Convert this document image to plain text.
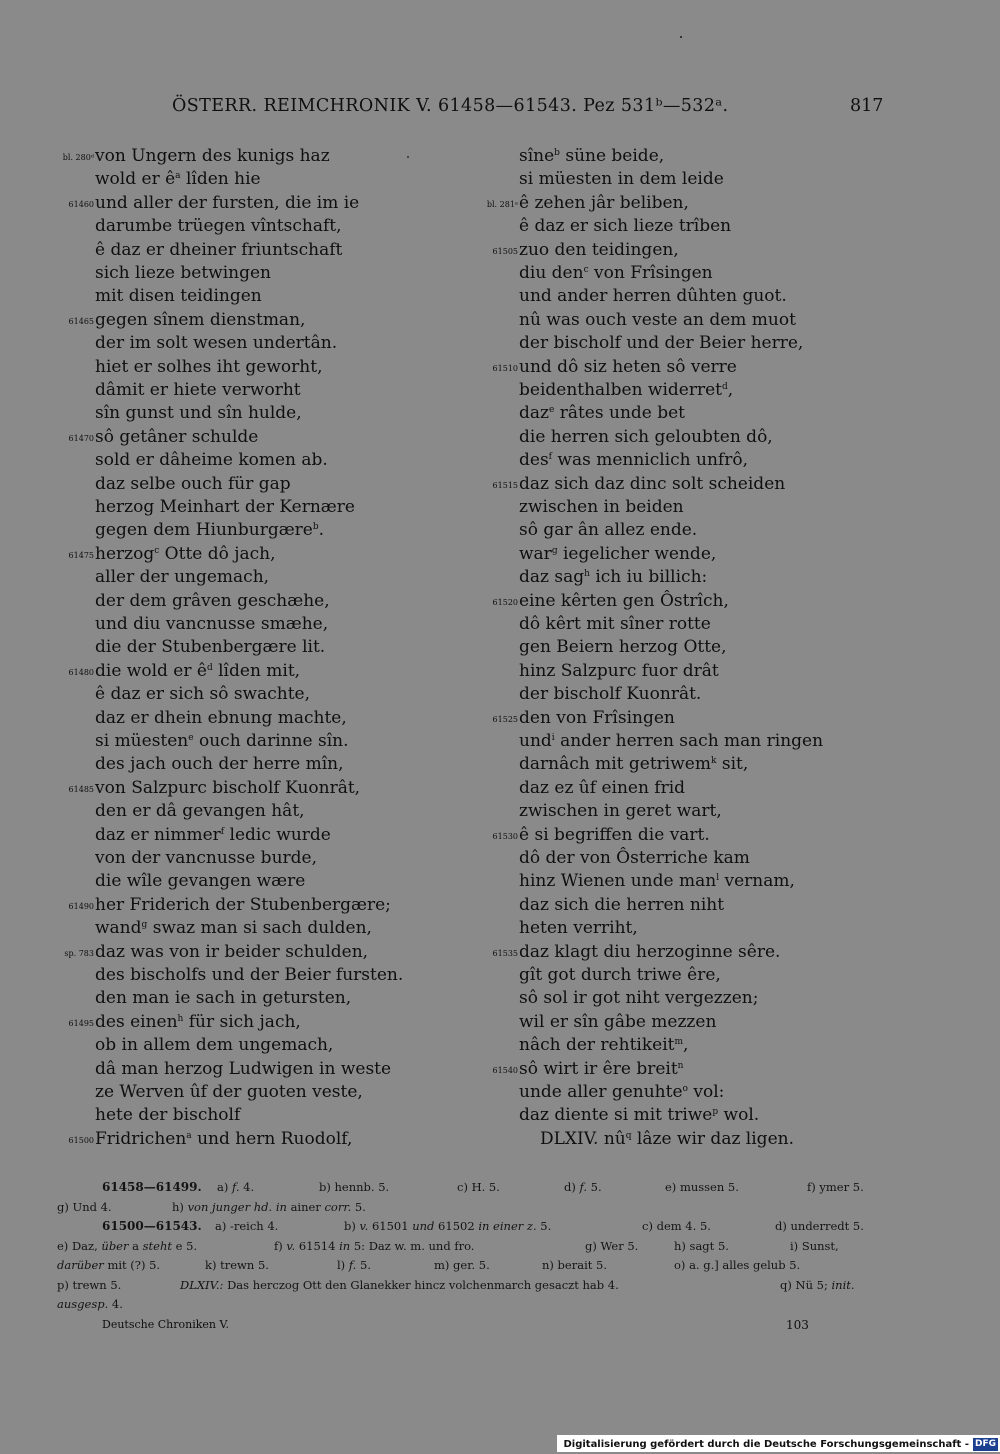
ÖSTERR. REIMCHRONIK V. 61458—61543. Pez 531ᵇ—532ᵃ.	817
bl. 280ᵈ von Ungern des kunigs haz
wold er $ê^a$ lîden hie
61460 und aller der fursten, die im ie
darumbe trüegen vîntschaft,
ê daz er dheiner friuntschaft
sich lieze betwingen
mit disen teidingen
61465 gegen sînem dienstman,
der im solt wesen undertân.
hiet er solhes iht geworht,
dâmit er hiete verworht
sîn gunst und sîn hulde,
61470 sô getâner schulde
sold er dâheime komen ab.
daz selbe ouch für gap
herzog Meinhart der Kernære
gegen dem Hiunburgære$^b$.
61475 herzog$^c$ Otte dô jach,
aller der ungemach,
der dem grâven geschæhe,
und diu vancnusse smæhe,
die der Stubenbergære lit.
61480 die wold er $ê^d$ lîden mit,
ê daz er sich sô swachte,
daz er dhein ebnung machte,
si müesten$^e$ ouch darinne sîn.
des jach ouch der herre mîn,
61485 von Salzpurc bischolf Kuonrât,
den er dâ gevangen hât,
daz er nimmer$^f$ ledic wurde
von der vancnusse burde,
die wîle gevangen wære
61490 her Friderich der Stubenbergære;
wand$^g$ swaz man si sach dulden,
sp. 783 daz was von ir beider schulden,
des bischolfs und der Beier fursten.
den man ie sach in getursten,
61495 des einen$^h$ für sich jach,
ob in allem dem ungemach,
dâ man herzog Ludwigen in weste
ze Werven ûf der guoten veste,
hete der bischolf
61500 Fridrichen$^a$ und hern Ruodolf,
sîne$^b$ süne beide,
si müesten in dem leide
bl. 281ᵃ ê zehen jâr beliben,
ê daz er sich lieze trîben
61505 zuo den teidingen,
diu den$^c$ von Frîsingen
und ander herren dûhten guot.
nû was ouch veste an dem muot
der bischolf und der Beier herre,
61510 und dô siz heten sô verre
beidenthalben widerret$^d$,
daz$^e$ râtes unde bet
die herren sich geloubten dô,
des$^f$ was menniclich unfrô,
61515 daz sich daz dinc solt scheiden
zwischen in beiden
sô gar ân allez ende.
war$^g$ iegelicher wende,
daz sag$^h$ ich iu billich:
61520 eine kêrten gen Ôstrîch,
dô kêrt mit sîner rotte
gen Beiern herzog Otte,
hinz Salzpurc fuor drât
der bischolf Kuonrât.
61525 den von Frîsingen
und$^i$ ander herren sach man ringen
darnâch mit getriwem$^k$ sit,
daz ez ûf einen frid
zwischen in geret wart,
61530 ê si begriffen die vart.
dô der von Ôsterriche kam
hinz Wienen unde man$^l$ vernam,
daz sich die herren niht
heten verriht,
61535 daz klagt diu herzoginne sêre.
gît got durch triwe êre,
sô sol ir got niht vergezzen;
wil er sîn gâbe mezzen
nâch der rehtikeit$^m$,
61540 sô wirt ir êre breit$^n$
unde aller genuhte$^o$ vol:
daz diente si mit triwe$^p$ wol.
DLXIV. $nû^q$ lâze wir daz ligen.
61458—61499. a) f. 4.	b) hennb. 5.	c) H. 5.	d) f. 5.	e) mussen 5.	f) ymer 5.
g) Und 4.	h) von junger hd. in ainer corr. 5.
61500—61543. a) -reich 4.	b) v. 61501 und 61502 in einer z. 5.	c) dem 4. 5.	d) underredt 5.
e) Daz, über a steht e 5.	f) v. 61514 in 5: Daz w. m. und fro.	g) Wer 5.	h) sagt 5.	i) Sunst,
darüber mit (?) 5.	k) trewn 5.	l) f. 5.	m) ger. 5.	n) berait 5.	o) a. g.] alles gelub 5.
p) trewn 5.	DLXIV.: Das herczog Ott den Glanekker hincz volchenmarch gesaczt hab 4.	q) Nü 5; init.
ausgesp. 4.
Deutsche Chroniken V.	103
Digitalisierung gefördert durch die Deutsche Forschungsgemeinschaft - DFG
